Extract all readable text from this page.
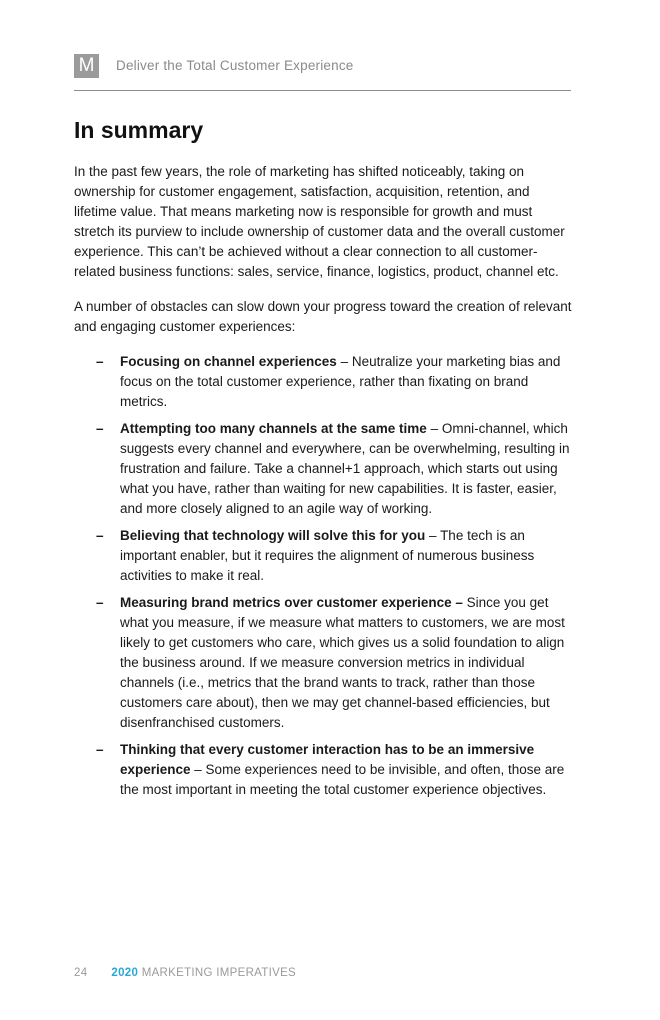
M	Deliver the Total Customer Experience
In summary

In the past few years, the role of marketing has shifted noticeably, taking on ownership for customer engagement, satisfaction, acquisition, retention, and lifetime value. That means marketing now is responsible for growth and must stretch its purview to include ownership of customer data and the overall customer experience. This can’t be achieved without a clear connection to all customer-related business functions: sales, service, finance, logistics, product, channel etc.

A number of obstacles can slow down your progress toward the creation of relevant and engaging customer experiences:

– Focusing on channel experiences – Neutralize your marketing bias and focus on the total customer experience, rather than fixating on brand metrics.
– Attempting too many channels at the same time – Omni-channel, which suggests every channel and everywhere, can be overwhelming, resulting in frustration and failure. Take a channel+1 approach, which starts out using what you have, rather than waiting for new capabilities. It is faster, easier, and more closely aligned to an agile way of working.
– Believing that technology will solve this for you – The tech is an important enabler, but it requires the alignment of numerous business activities to make it real.
– Measuring brand metrics over customer experience – Since you get what you measure, if we measure what matters to customers, we are most likely to get customers who care, which gives us a solid foundation to align the business around. If we measure conversion metrics in individual channels (i.e., metrics that the brand wants to track, rather than those customers care about), then we may get channel-based efficiencies, but disenfranchised customers.
– Thinking that every customer interaction has to be an immersive experience – Some experiences need to be invisible, and often, those are the most important in meeting the total customer experience objectives.
24 2020 MARKETING IMPERATIVES
